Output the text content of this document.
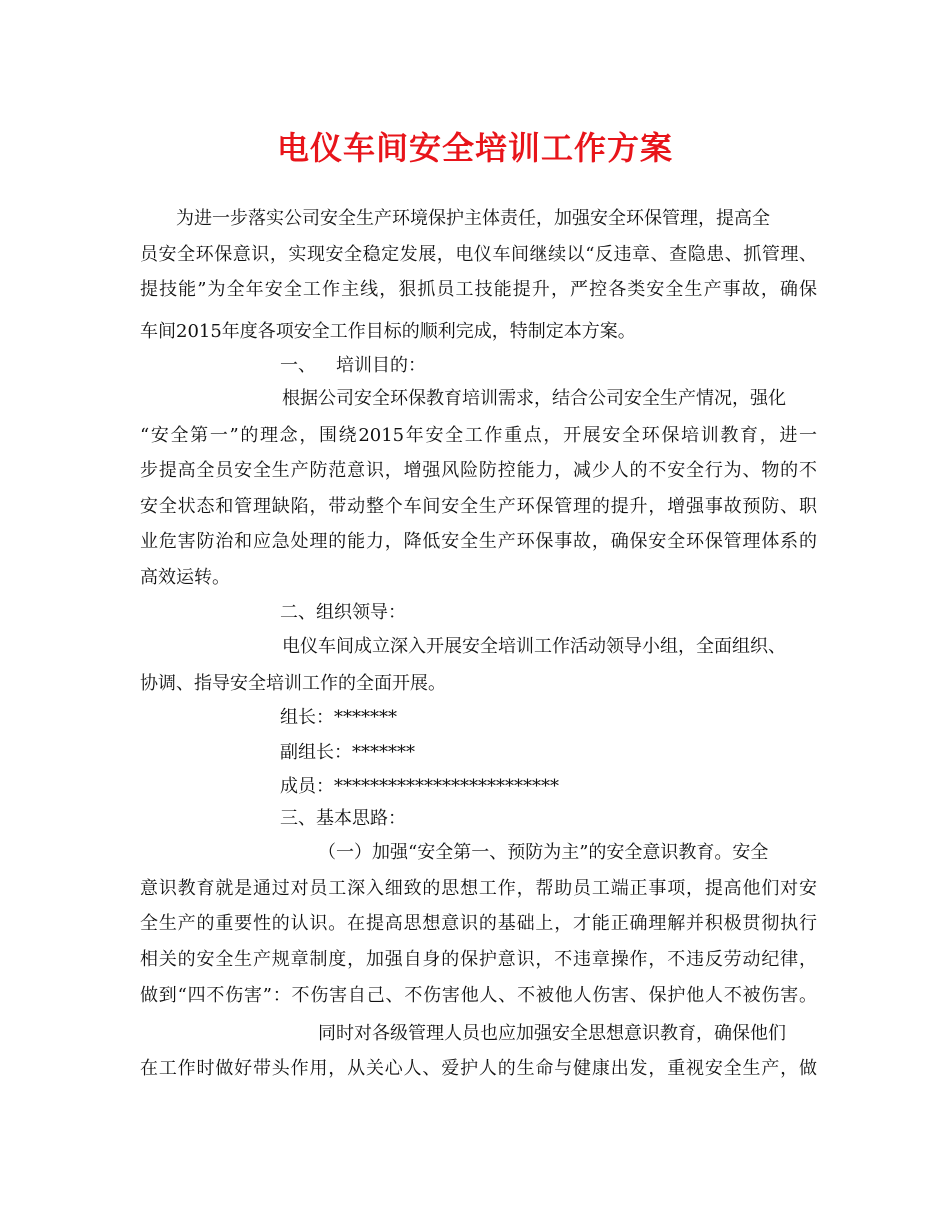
电仪车间安全培训工作方案
为进一步落实公司安全生产环境保护主体责任，加强安全环保管理，提高全
员安全环保意识，实现安全稳定发展，电仪车间继续以“反违章、查隐患、抓管理、
提技能”为全年安全工作主线，狠抓员工技能提升，严控各类安全生产事故，确保
车间2015年度各项安全工作目标的顺利完成，特制定本方案。
一、 培训目的：
根据公司安全环保教育培训需求，结合公司安全生产情况，强化
“安全第一”的理念，围绕2015年安全工作重点，开展安全环保培训教育，进一
步提高全员安全生产防范意识，增强风险防控能力，减少人的不安全行为、物的不
安全状态和管理缺陷，带动整个车间安全生产环保管理的提升，增强事故预防、职
业危害防治和应急处理的能力，降低安全生产环保事故，确保安全环保管理体系的
高效运转。
二、组织领导：
电仪车间成立深入开展安全培训工作活动领导小组，全面组织、
协调、指导安全培训工作的全面开展。
组长：*******
副组长：*******
成员：*************************
三、基本思路：
（一）加强“安全第一、预防为主”的安全意识教育。安全
意识教育就是通过对员工深入细致的思想工作，帮助员工端正事项，提高他们对安
全生产的重要性的认识。在提高思想意识的基础上，才能正确理解并积极贯彻执行
相关的安全生产规章制度，加强自身的保护意识，不违章操作，不违反劳动纪律，
做到“四不伤害”：不伤害自己、不伤害他人、不被他人伤害、保护他人不被伤害。
同时对各级管理人员也应加强安全思想意识教育，确保他们
在工作时做好带头作用，从关心人、爱护人的生命与健康出发，重视安全生产，做
